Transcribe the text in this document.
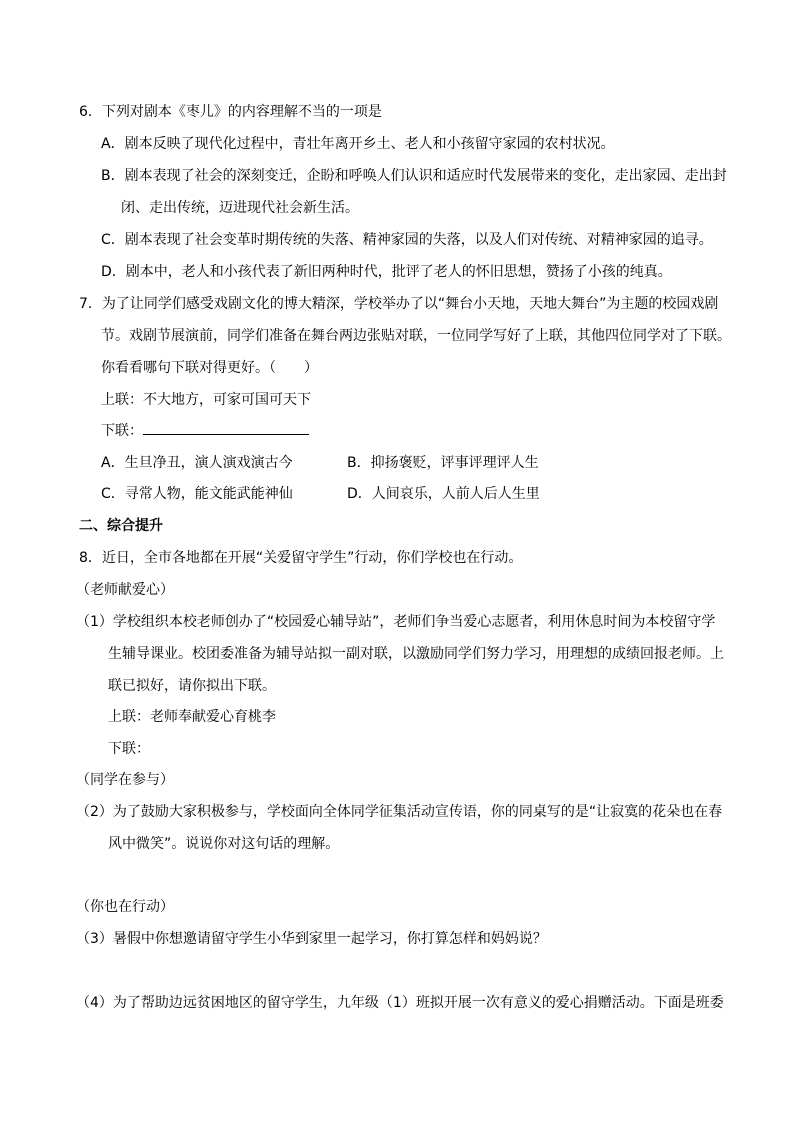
6．下列对剧本《枣儿》的内容理解不当的一项是
A．剧本反映了现代化过程中，青壮年离开乡土、老人和小孩留守家园的农村状况。
B．剧本表现了社会的深刻变迁，企盼和呼唤人们认识和适应时代发展带来的变化，走出家园、走出封
闭、走出传统，迈进现代社会新生活。
C．剧本表现了社会变革时期传统的失落、精神家园的失落，以及人们对传统、对精神家园的追寻。
D．剧本中，老人和小孩代表了新旧两种时代，批评了老人的怀旧思想，赞扬了小孩的纯真。
7．为了让同学们感受戏剧文化的博大精深，学校举办了以“舞台小天地，天地大舞台”为主题的校园戏剧
节。戏剧节展演前，同学们准备在舞台两边张贴对联，一位同学写好了上联，其他四位同学对了下联。
你看看哪句下联对得更好。（　　）
上联：不大地方，可家可国可天下
下联：
A．生旦净丑，演人演戏演古今	B．抑扬褒贬，评事评理评人生
C．寻常人物，能文能武能神仙	D．人间哀乐，人前人后人生里
二、综合提升
8．近日，全市各地都在开展“关爱留守学生”行动，你们学校也在行动。
（老师献爱心）
（1）学校组织本校老师创办了“校园爱心辅导站”，老师们争当爱心志愿者，利用休息时间为本校留守学
生辅导课业。校团委准备为辅导站拟一副对联，以激励同学们努力学习，用理想的成绩回报老师。上
联已拟好，请你拟出下联。
上联：老师奉献爱心育桃李
下联：
（同学在参与）
（2）为了鼓励大家积极参与，学校面向全体同学征集活动宣传语，你的同桌写的是“让寂寞的花朵也在春
风中微笑”。说说你对这句话的理解。
（你也在行动）
（3）暑假中你想邀请留守学生小华到家里一起学习，你打算怎样和妈妈说？
（4）为了帮助边远贫困地区的留守学生，九年级（1）班拟开展一次有意义的爱心捐赠活动。下面是班委
